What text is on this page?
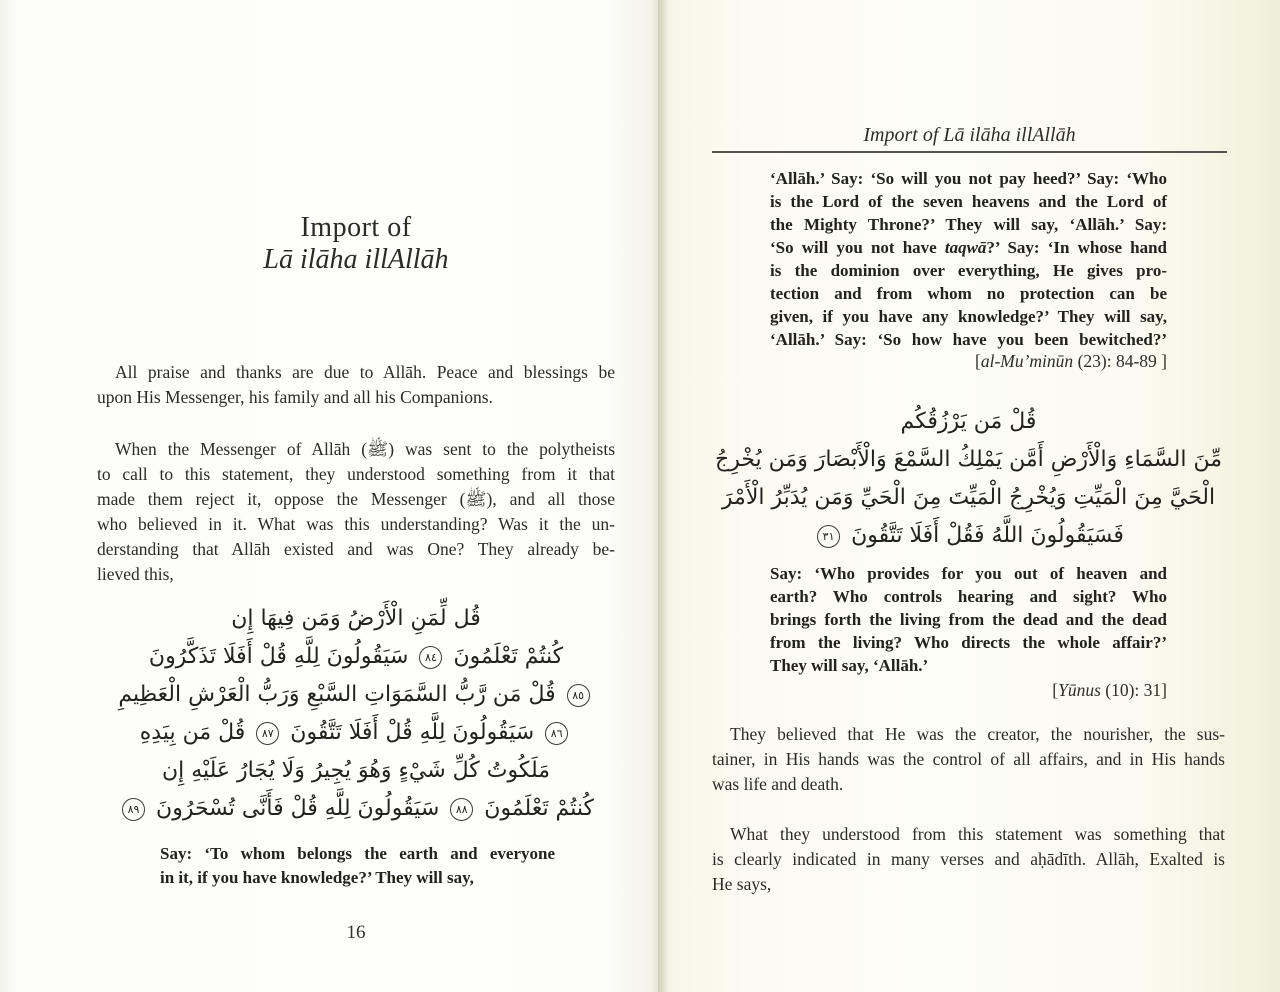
Import of
Lā ilāha illAllāh
All praise and thanks are due to Allāh. Peace and blessings be
upon His Messenger, his family and all his Companions.
When the Messenger of Allāh (ﷺ) was sent to the polytheists
to call to this statement, they understood something from it that
made them reject it, oppose the Messenger (ﷺ), and all those
who believed in it. What was this understanding? Was it the un-
derstanding that Allāh existed and was One? They already be-
lieved this,
قُل لِّمَنِ الْأَرْضُ وَمَن فِيهَا إِن
كُنتُمْ تَعْلَمُونَ ٨٤ سَيَقُولُونَ لِلَّهِ قُلْ أَفَلَا تَذَكَّرُونَ
٨٥ قُلْ مَن رَّبُّ السَّمَوَاتِ السَّبْعِ وَرَبُّ الْعَرْشِ الْعَظِيمِ
٨٦ سَيَقُولُونَ لِلَّهِ قُلْ أَفَلَا تَتَّقُونَ ٨٧ قُلْ مَن بِيَدِهِ
مَلَكُوتُ كُلِّ شَيْءٍ وَهُوَ يُجِيرُ وَلَا يُجَارُ عَلَيْهِ إِن
كُنتُمْ تَعْلَمُونَ ٨٨ سَيَقُولُونَ لِلَّهِ قُلْ فَأَنَّى تُسْحَرُونَ ٨٩
Say: ‘To whom belongs the earth and everyone
in it, if you have knowledge?’ They will say,
16
Import of Lā ilāha illAllāh
‘Allāh.’ Say: ‘So will you not pay heed?’ Say: ‘Who
is the Lord of the seven heavens and the Lord of
the Mighty Throne?’ They will say, ‘Allāh.’ Say:
‘So will you not have taqwā?’ Say: ‘In whose hand
is the dominion over everything, He gives pro-
tection and from whom no protection can be
given, if you have any knowledge?’ They will say,
‘Allāh.’ Say: ‘So how have you been bewitched?’
[al-Mu’minūn (23): 84-89 ]
قُلْ مَن يَرْزُقُكُم
مِّنَ السَّمَاءِ وَالْأَرْضِ أَمَّن يَمْلِكُ السَّمْعَ وَالْأَبْصَارَ وَمَن يُخْرِجُ
الْحَيَّ مِنَ الْمَيِّتِ وَيُخْرِجُ الْمَيِّتَ مِنَ الْحَيِّ وَمَن يُدَبِّرُ الْأَمْرَ
فَسَيَقُولُونَ اللَّهُ فَقُلْ أَفَلَا تَتَّقُونَ ٣١
Say: ‘Who provides for you out of heaven and
earth? Who controls hearing and sight? Who
brings forth the living from the dead and the dead
from the living? Who directs the whole affair?’
They will say, ‘Allāh.’
[Yūnus (10): 31]
They believed that He was the creator, the nourisher, the sus-
tainer, in His hands was the control of all affairs, and in His hands
was life and death.
What they understood from this statement was something that
is clearly indicated in many verses and aḥādīth. Allāh, Exalted is
He says,
